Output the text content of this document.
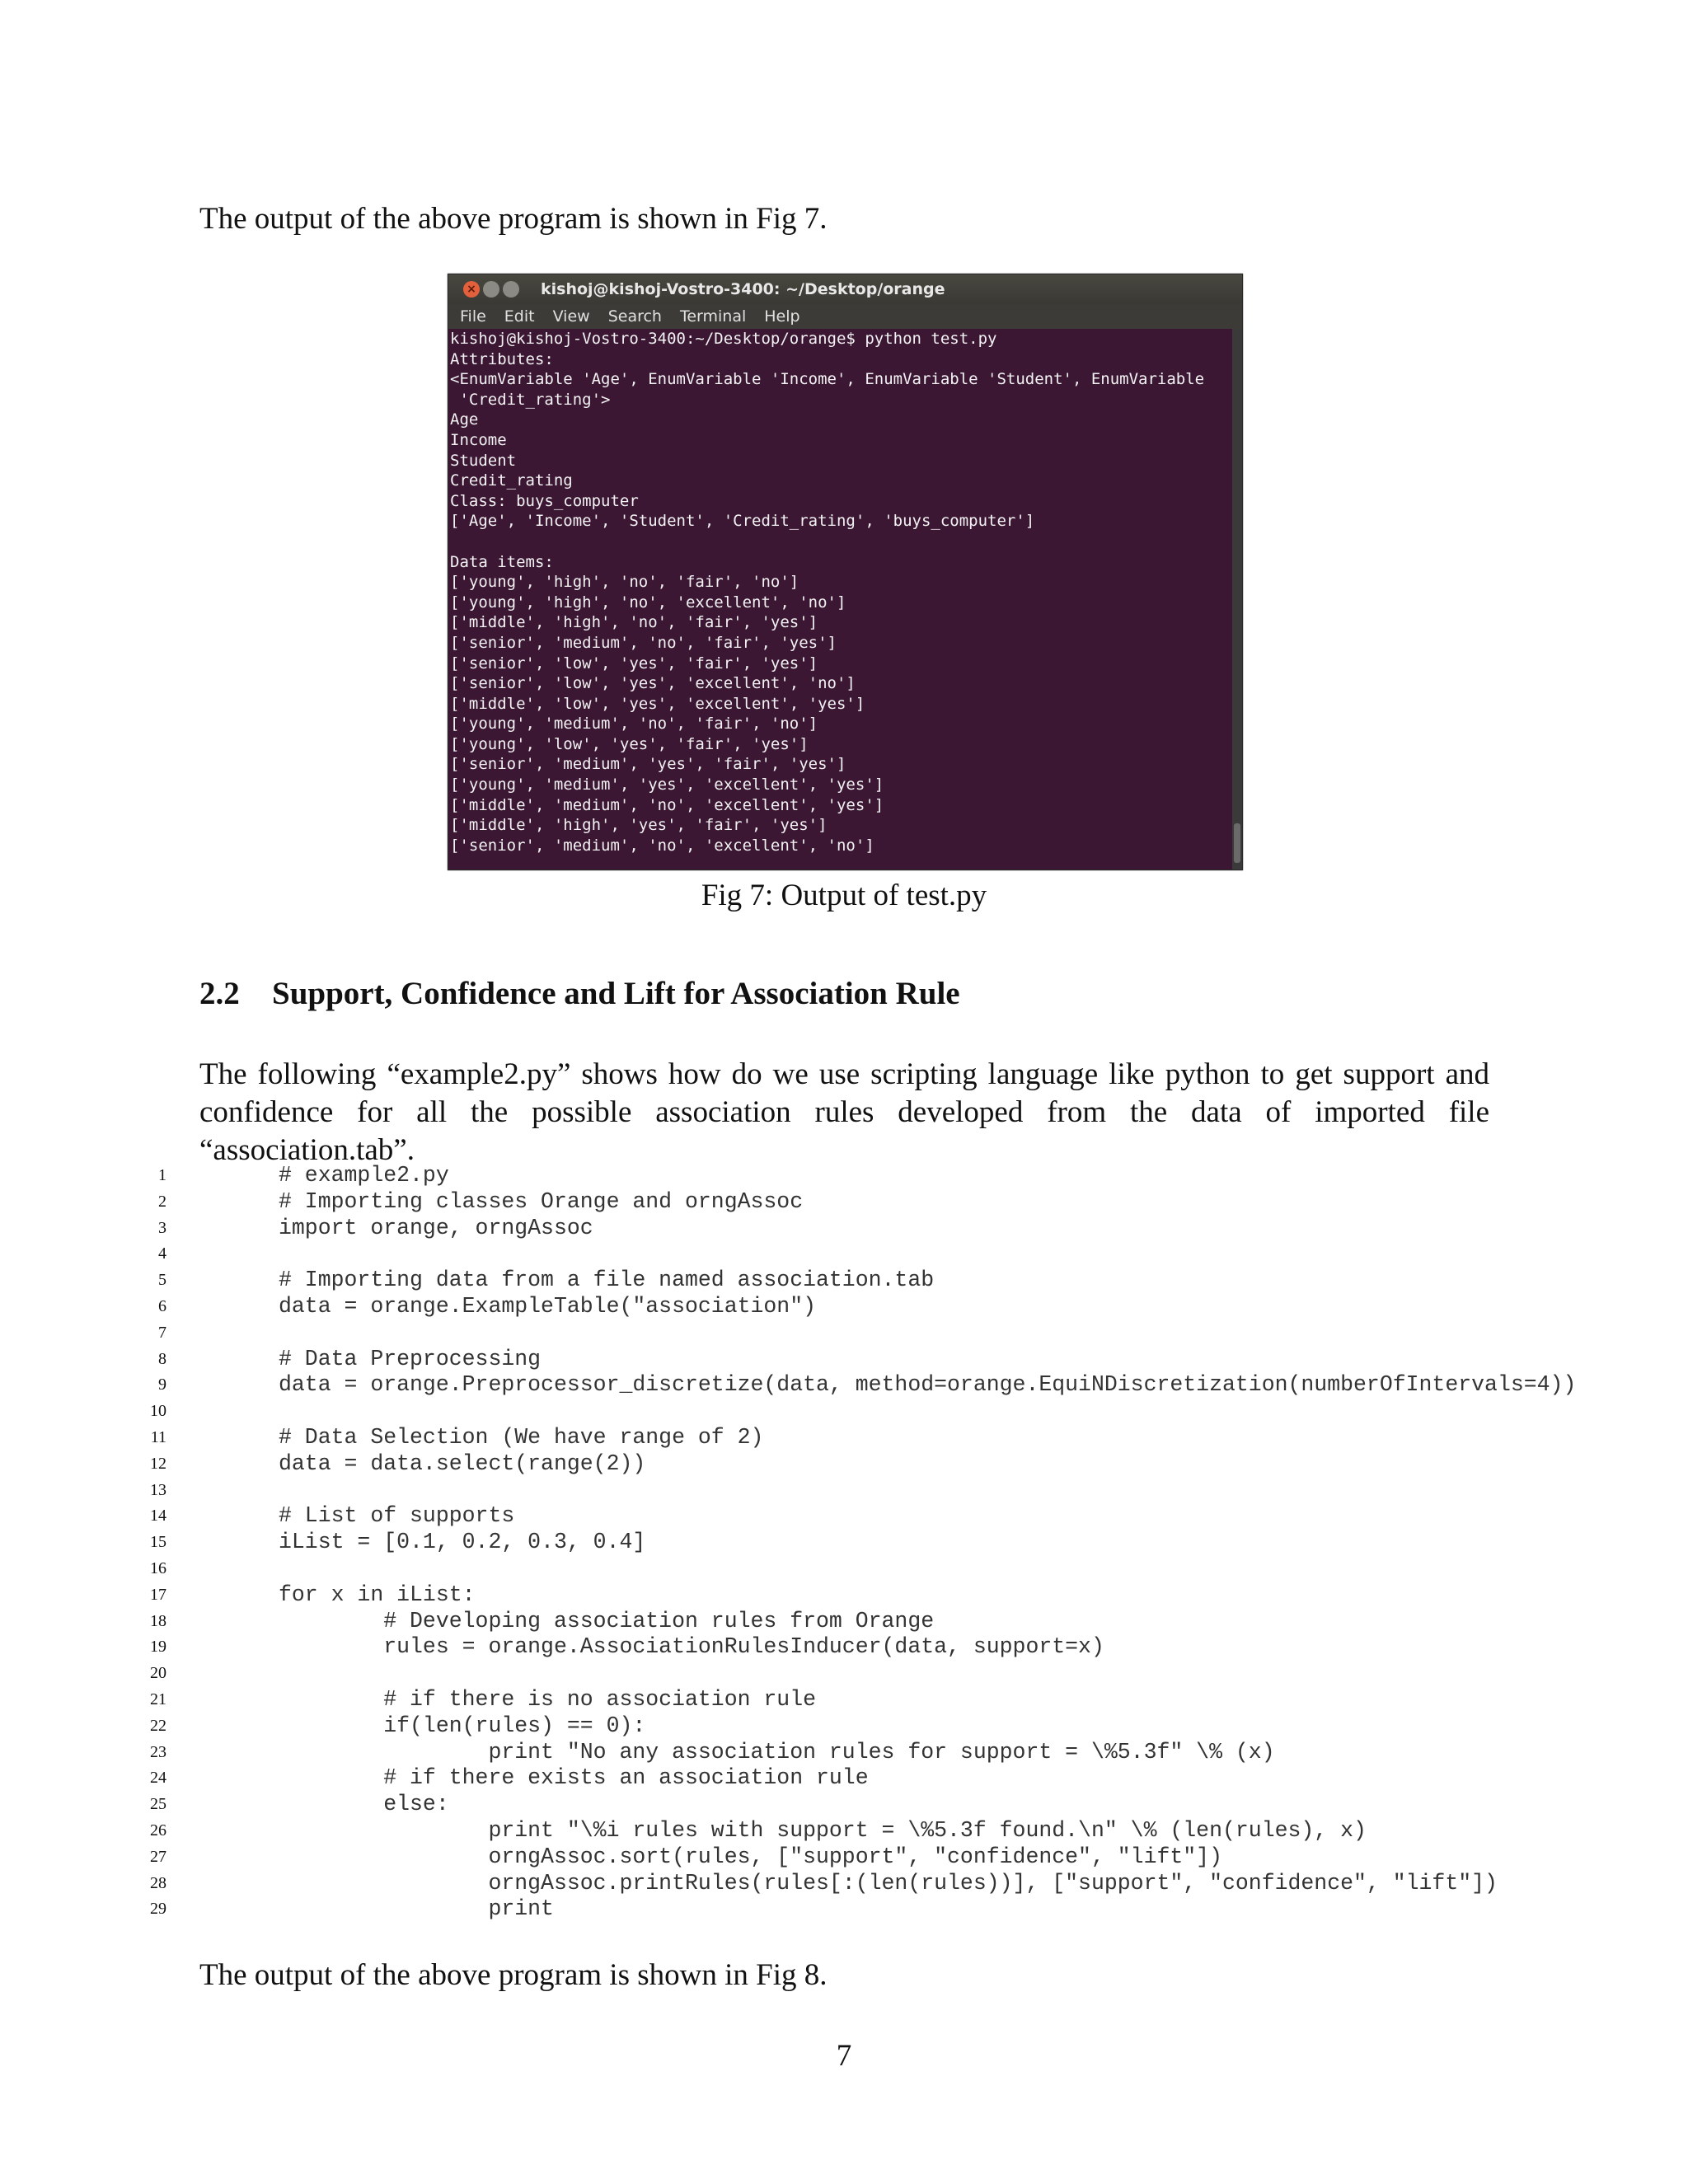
The output of the above program is shown in Fig 7.

×	kishoj@kishoj-Vostro-3400: ~/Desktop/orange
File Edit View Search Terminal Help
kishoj@kishoj-Vostro-3400:~/Desktop/orange$ python test.py
Attributes:
<EnumVariable 'Age', EnumVariable 'Income', EnumVariable 'Student', EnumVariable
'Credit_rating'>
Age
Income
Student
Credit_rating
Class: buys_computer
['Age', 'Income', 'Student', 'Credit_rating', 'buys_computer']
Data items:
['young', 'high', 'no', 'fair', 'no']
['young', 'high', 'no', 'excellent', 'no']
['middle', 'high', 'no', 'fair', 'yes']
['senior', 'medium', 'no', 'fair', 'yes']
['senior', 'low', 'yes', 'fair', 'yes']
['senior', 'low', 'yes', 'excellent', 'no']
['middle', 'low', 'yes', 'excellent', 'yes']
['young', 'medium', 'no', 'fair', 'no']
['young', 'low', 'yes', 'fair', 'yes']
['senior', 'medium', 'yes', 'fair', 'yes']
['young', 'medium', 'yes', 'excellent', 'yes']
['middle', 'medium', 'no', 'excellent', 'yes']
['middle', 'high', 'yes', 'fair', 'yes']
['senior', 'medium', 'no', 'excellent', 'no']
Fig 7: Output of test.py
2.2 Support, Confidence and Lift for Association Rule

The following “example2.py” shows how do we use scripting language like python to get support and confidence for all the possible association rules developed from the data of imported file “association.tab”.

1	# example2.py
2	# Importing classes Orange and orngAssoc
3	import orange, orngAssoc
4
5	# Importing data from a file named association.tab
6	data = orange.ExampleTable("association")
7
8	# Data Preprocessing
9	data = orange.Preprocessor_discretize(data, method=orange.EquiNDiscretization(numberOfIntervals=4))
10
11	# Data Selection (We have range of 2)
12	data = data.select(range(2))
13
14	# List of supports
15	iList = [0.1, 0.2, 0.3, 0.4]
16
17	for x in iList:
18	# Developing association rules from Orange
19	rules = orange.AssociationRulesInducer(data, support=x)
20
21	# if there is no association rule
22	if(len(rules) == 0):
23	print "No any association rules for support = \%5.3f" \% (x)
24	# if there exists an association rule
25	else:
26	print "\%i rules with support = \%5.3f found.\n" \% (len(rules), x)
27	orngAssoc.sort(rules, ["support", "confidence", "lift"])
28	orngAssoc.printRules(rules[:(len(rules))], ["support", "confidence", "lift"])
29	print

The output of the above program is shown in Fig 8.

7
